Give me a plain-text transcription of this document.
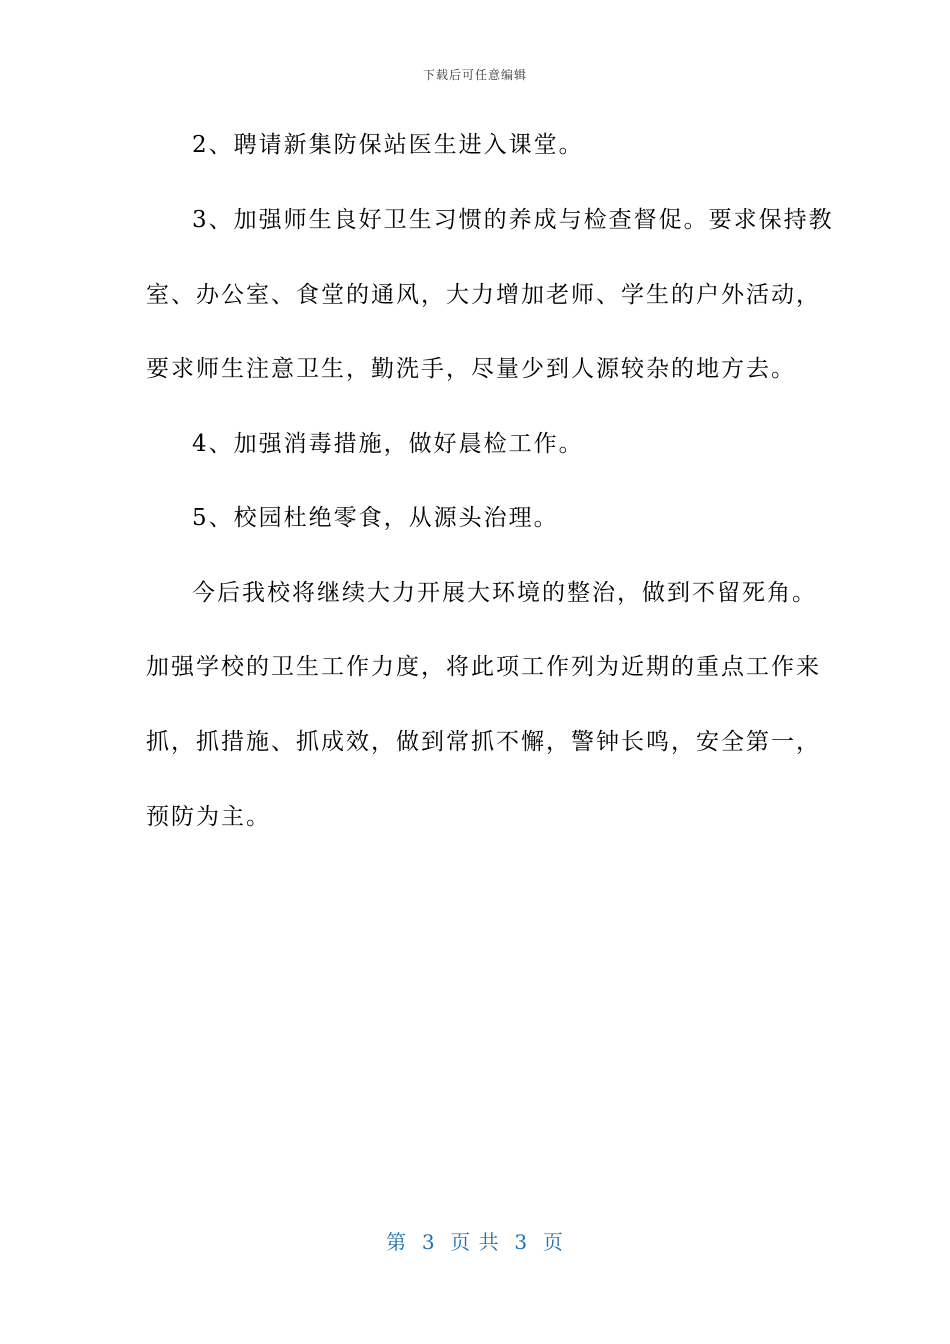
下载后可任意编辑
2、聘请新集防保站医生进入课堂。
3、加强师生良好卫生习惯的养成与检查督促。要求保持教
室、办公室、食堂的通风，大力增加老师、学生的户外活动，
要求师生注意卫生，勤洗手，尽量少到人源较杂的地方去。
4、加强消毒措施，做好晨检工作。
5、校园杜绝零食，从源头治理。
今后我校将继续大力开展大环境的整治，做到不留死角。
加强学校的卫生工作力度，将此项工作列为近期的重点工作来
抓，抓措施、抓成效，做到常抓不懈，警钟长鸣，安全第一，
预防为主。
第  3  页 共  3  页
